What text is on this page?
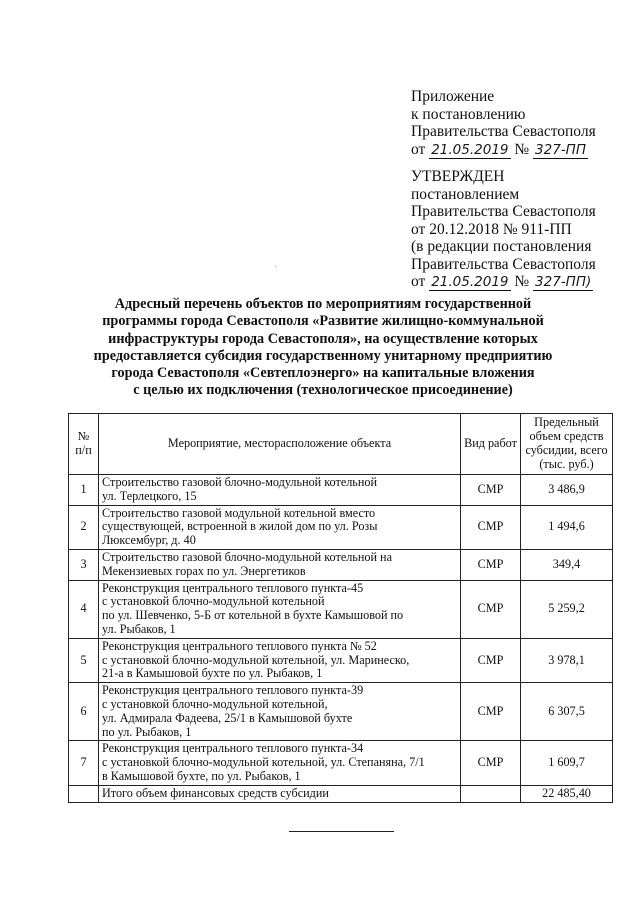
Приложение
к постановлению
Правительства Севастополя
от 21.05.2019 № 327-ПП
УТВЕРЖДЕН
постановлением
Правительства Севастополя
от 20.12.2018 № 911-ПП
(в редакции постановления
Правительства Севастополя
от 21.05.2019 № 327-ПП)
·
Адресный перечень объектов по мероприятиям государственной
программы города Севастополя «Развитие жилищно-коммунальной
инфраструктуры города Севастополя», на осуществление которых
предоставляется субсидия государственному унитарному предприятию
города Севастополя «Севтеплоэнерго» на капитальные вложения
с целью их подключения (технологическое присоединение)
№ п/п	Мероприятие, месторасположение объекта	Вид работ	Предельный объем средств субсидии, всего (тыс. руб.)
1	Строительство газовой блочно-модульной котельной
ул. Терлецкого, 15	СМР	3 486,9
2	Строительство газовой модульной котельной вместо
существующей, встроенной в жилой дом по ул. Розы
Люксембург, д. 40	СМР	1 494,6
3	Строительство газовой блочно-модульной котельной на
Мекензиевых горах по ул. Энергетиков	СМР	349,4
4	Реконструкция центрального теплового пункта-45
с установкой блочно-модульной котельной
по ул. Шевченко, 5-Б от котельной в бухте Камышовой по
ул. Рыбаков, 1	СМР	5 259,2
5	Реконструкция центрального теплового пункта № 52
с установкой блочно-модульной котельной, ул. Маринеско,
21-а в Камышовой бухте по ул. Рыбаков, 1	СМР	3 978,1
6	Реконструкция центрального теплового пункта-39
с установкой блочно-модульной котельной,
ул. Адмирала Фадеева, 25/1 в Камышовой бухте
по ул. Рыбаков, 1	СМР	6 307,5
7	Реконструкция центрального теплового пункта-34
с установкой блочно-модульной котельной, ул. Степаняна, 7/1
в Камышовой бухте, по ул. Рыбаков, 1	СМР	1 609,7
	Итого объем финансовых средств субсидии		22 485,40
